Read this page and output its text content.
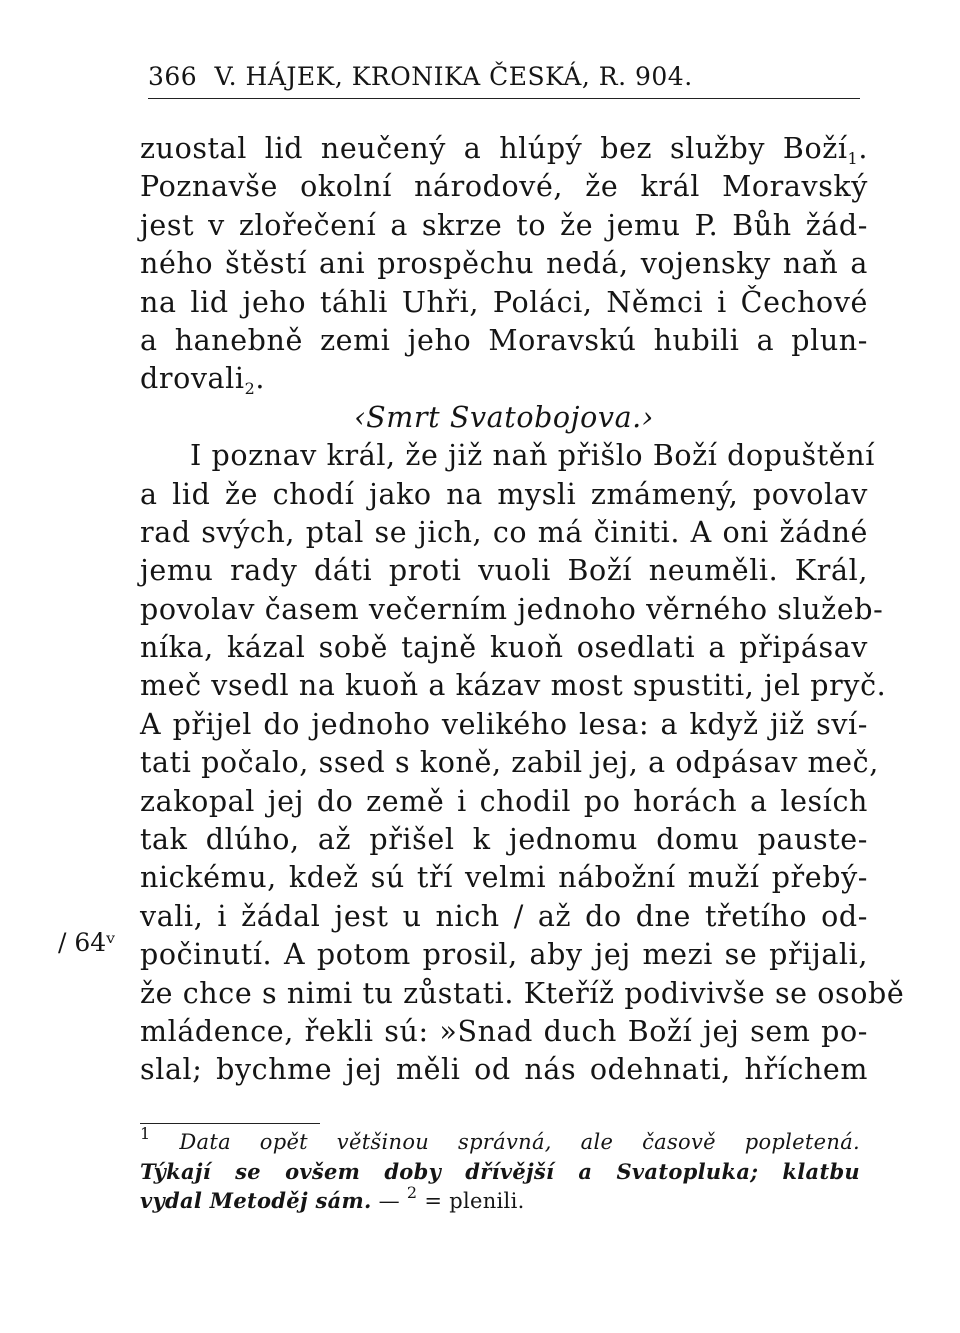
366 V. HÁJEK, KRONIKA ČESKÁ, R. 904.
/ 64ᵛ
zuostal lid neučený a hlúpý bez služby Boží$_1$.
Poznavše okolní národové, že král Moravský
jest v zlořečení a skrze to že jemu P. Bůh žád-
ného štěstí ani prospěchu nedá, vojensky naň a
na lid jeho táhli Uhři, Poláci, Němci i Čechové
a hanebně zemi jeho Moravskú hubili a plun-
drovali$_2$.
‹Smrt Svatobojova.›
I poznav král, že již naň přišlo Boží dopuštění
a lid že chodí jako na mysli zmámený, povolav
rad svých, ptal se jich, co má činiti. A oni žádné
jemu rady dáti proti vuoli Boží neuměli. Král,
povolav časem večerním jednoho věrného služeb-
níka, kázal sobě tajně kuoň osedlati a připásav
meč vsedl na kuoň a kázav most spustiti, jel pryč.
A přijel do jednoho velikého lesa: a když již sví-
tati počalo, ssed s koně, zabil jej, a odpásav meč,
zakopal jej do země i chodil po horách a lesích
tak dlúho, až přišel k jednomu domu pauste-
nickému, kdež sú tří velmi nábožní muží přebý-
vali, i žádal jest u nich / až do dne třetího od-
počinutí. A potom prosil, aby jej mezi se přijali,
že chce s nimi tu zůstati. Kteříž podivivše se osobě
mládence, řekli sú: »Snad duch Boží jej sem po-
slal; bychme jej měli od nás odehnati, hříchem
$^1$ Data opět většinou správná, ale časově popletená.
Týkají se ovšem doby dřívější a Svatopluka; klatbu
vydal Metoděj sám. — $^2$ = plenili.
